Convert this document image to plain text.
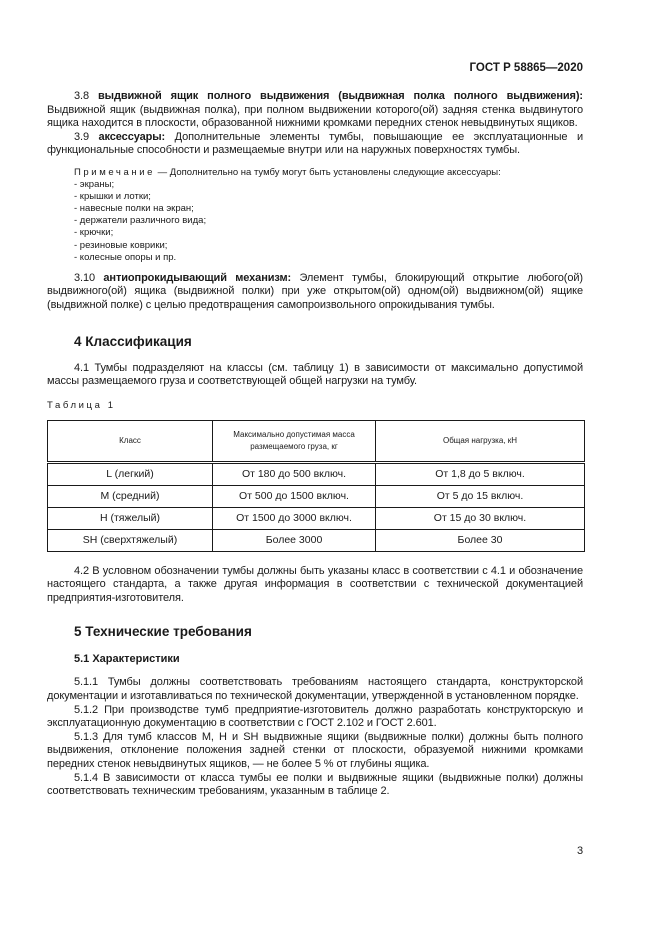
ГОСТ Р 58865—2020

3.8 выдвижной ящик полного выдвижения (выдвижная полка полного выдвижения): Выдвижной ящик (выдвижная полка), при полном выдвижении которого(ой) задняя стенка выдвинутого ящика находится в плоскости, образованной нижними кромками передних стенок невыдвинутых ящиков.

3.9 аксессуары: Дополнительные элементы тумбы, повышающие ее эксплуатационные и функциональные способности и размещаемые внутри или на наружных поверхностях тумбы.

Примечание — Дополнительно на тумбу могут быть установлены следующие аксессуары:
- экраны;
- крышки и лотки;
- навесные полки на экран;
- держатели различного вида;
- крючки;
- резиновые коврики;
- колесные опоры и пр.

3.10 антиопрокидывающий механизм: Элемент тумбы, блокирующий открытие любого(ой) выдвижного(ой) ящика (выдвижной полки) при уже открытом(ой) одном(ой) выдвижном(ой) ящике (выдвижной полке) с целью предотвращения самопроизвольного опрокидывания тумбы.

4 Классификация

4.1 Тумбы подразделяют на классы (см. таблицу 1) в зависимости от максимально допустимой массы размещаемого груза и соответствующей общей нагрузки на тумбу.

Таблица 1
Класс	Максимально допустимая масса размещаемого груза, кг	Общая нагрузка, кН
L (легкий)	От 180 до 500 включ.	От 1,8 до 5 включ.
M (средний)	От 500 до 1500 включ.	От 5 до 15 включ.
H (тяжелый)	От 1500 до 3000 включ.	От 15 до 30 включ.
SH (сверхтяжелый)	Более 3000	Более 30

4.2 В условном обозначении тумбы должны быть указаны класс в соответствии с 4.1 и обозначение настоящего стандарта, а также другая информация в соответствии с технической документацией предприятия-изготовителя.

5 Технические требования
5.1 Характеристики

5.1.1 Тумбы должны соответствовать требованиям настоящего стандарта, конструкторской документации и изготавливаться по технической документации, утвержденной в установленном порядке.

5.1.2 При производстве тумб предприятие-изготовитель должно разработать конструкторскую и эксплуатационную документацию в соответствии с ГОСТ 2.102 и ГОСТ 2.601.

5.1.3 Для тумб классов M, H и SH выдвижные ящики (выдвижные полки) должны быть полного выдвижения, отклонение положения задней стенки от плоскости, образуемой нижними кромками передних стенок невыдвинутых ящиков, — не более 5 % от глубины ящика.

5.1.4 В зависимости от класса тумбы ее полки и выдвижные ящики (выдвижные полки) должны соответствовать техническим требованиям, указанным в таблице 2.

3
